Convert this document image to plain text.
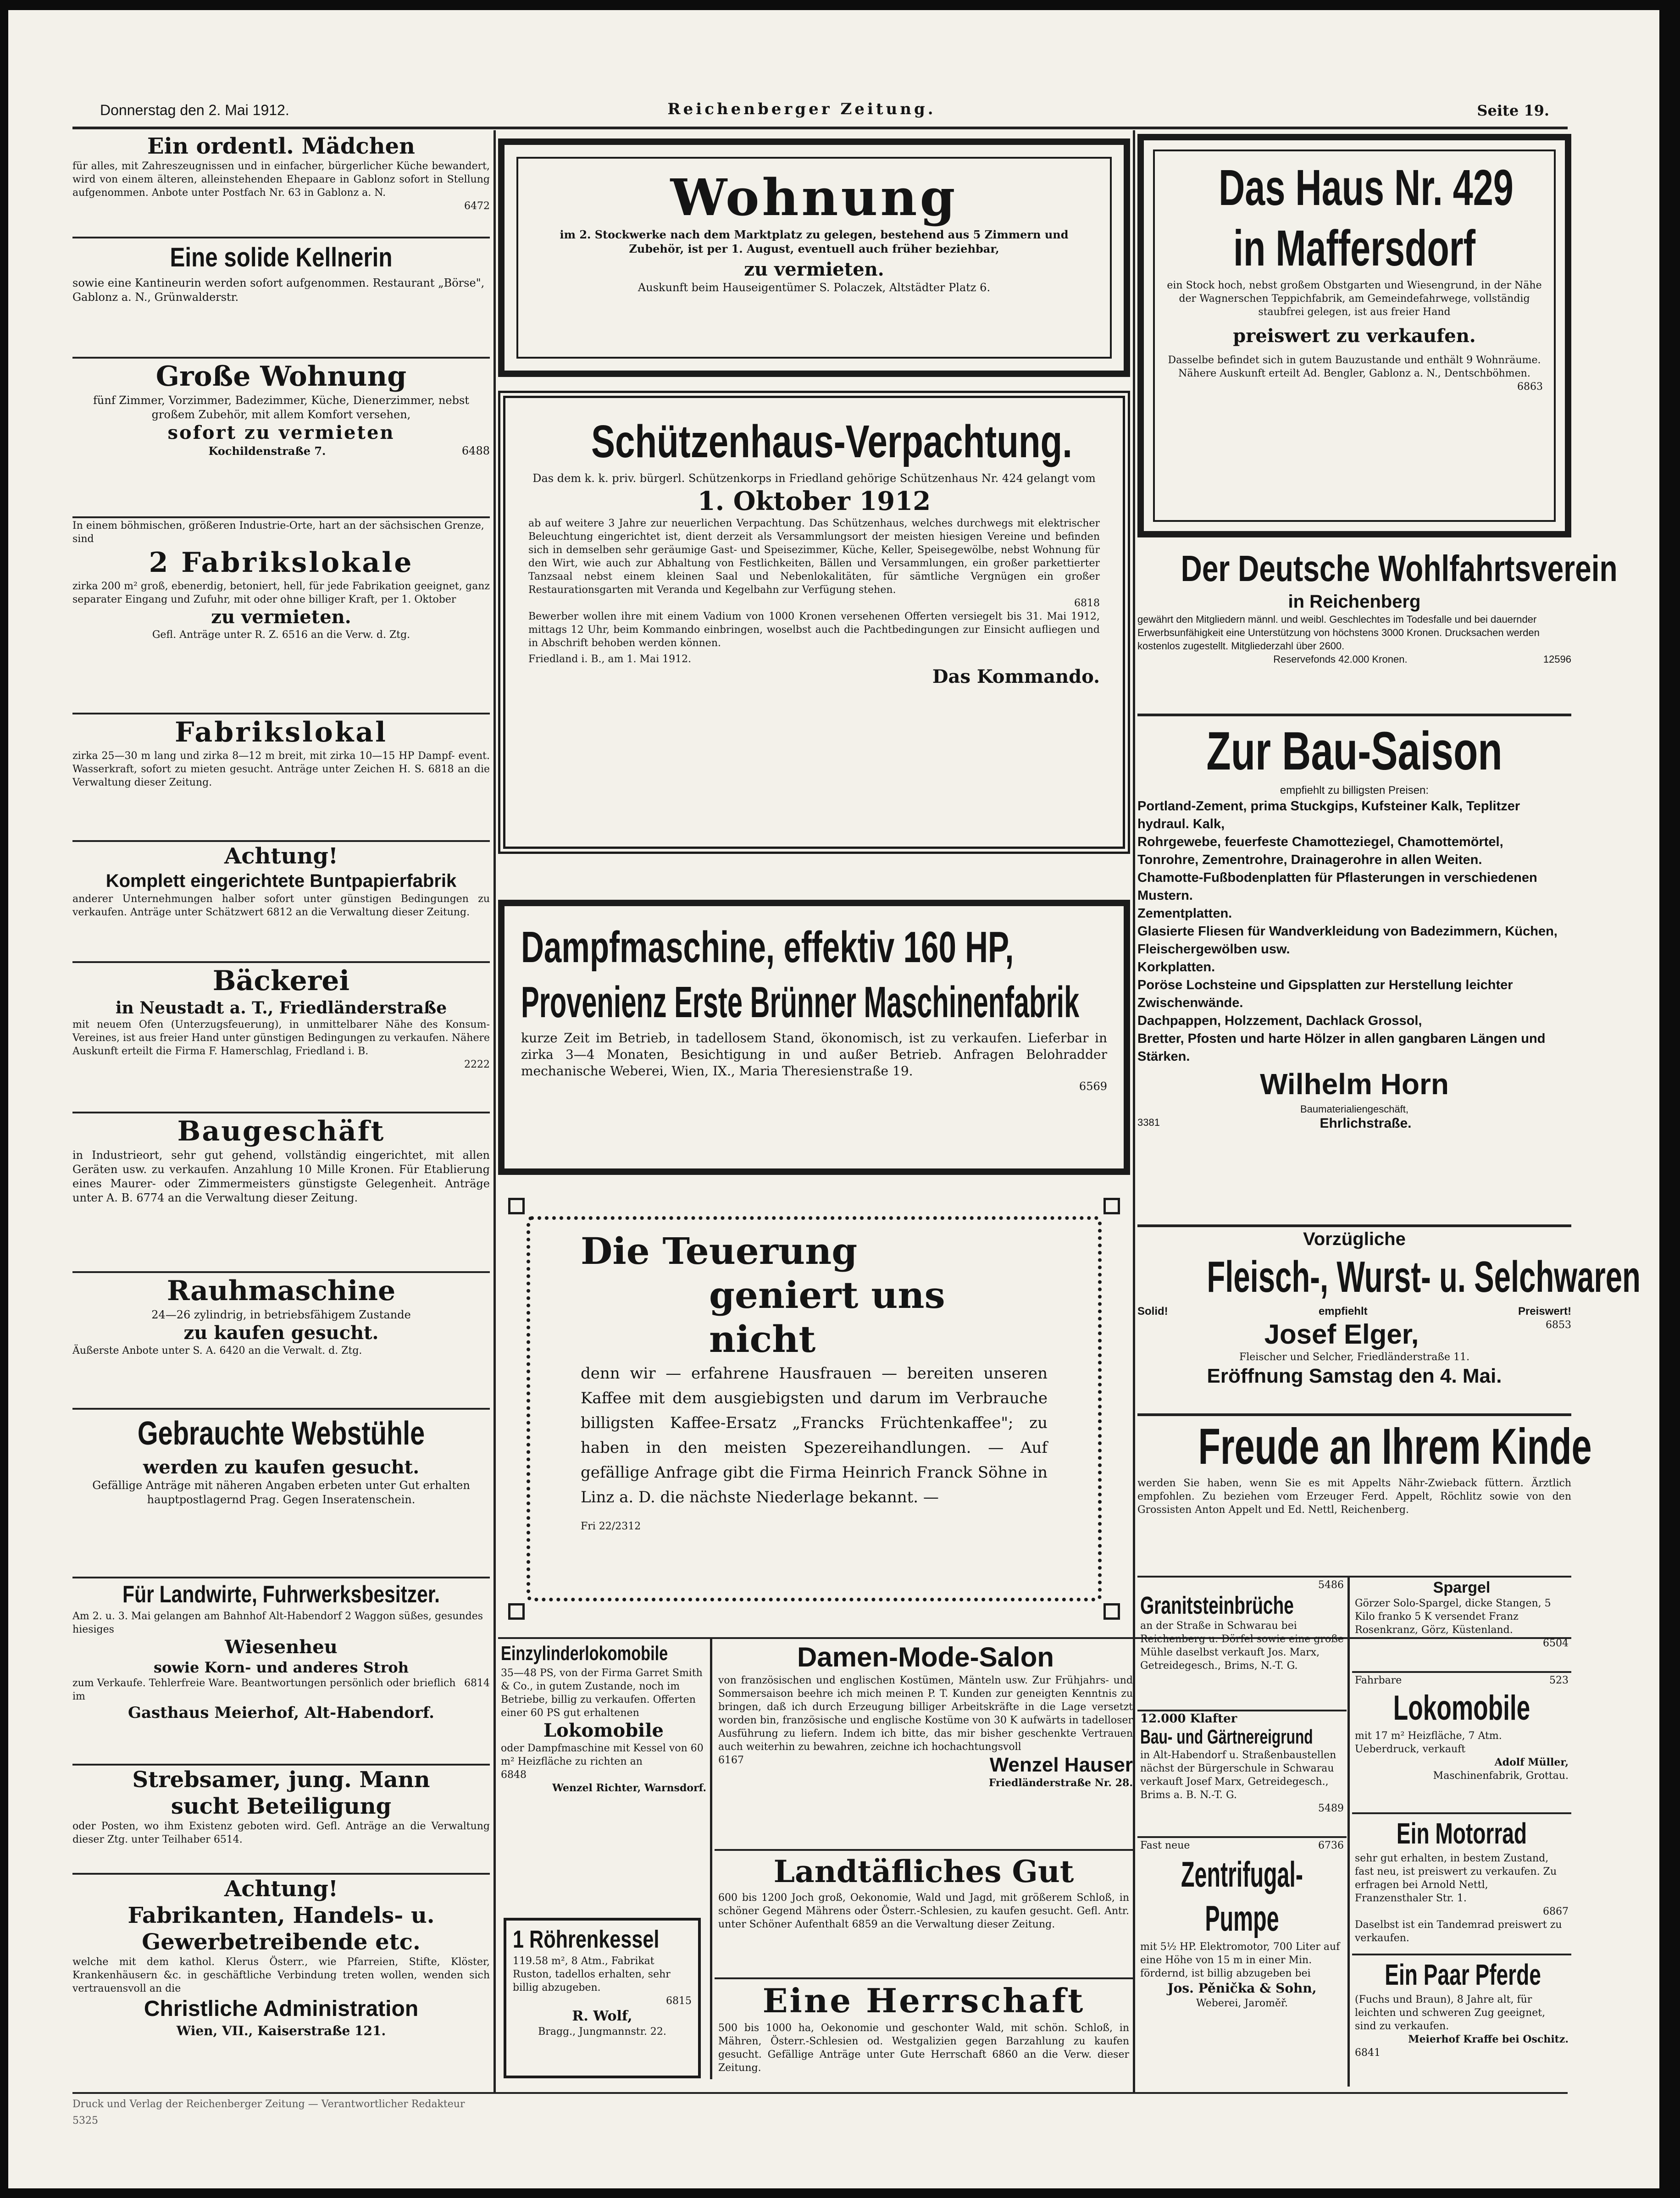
Donnerstag den 2. Mai 1912.	Reichenberger Zeitung.	Seite 19.
Ein ordentl. Mädchen
für alles, mit Zahreszeugnissen und in einfacher, bürgerlicher Küche bewandert, wird von einem älteren, alleinstehenden Ehepaare in Gablonz sofort in Stellung aufgenommen. Anbote unter Postfach Nr. 63 in Gablonz a. N.
6472
Eine solide Kellnerin
sowie eine Kantineurin werden sofort aufgenommen. Restaurant „Börse", Gablonz a. N., Grünwalderstr.
Große Wohnung
fünf Zimmer, Vorzimmer, Badezimmer, Küche, Dienerzimmer, nebst großem Zubehör, mit allem Komfort versehen,
sofort zu vermieten
Kochildenstraße 7.	6488
In einem böhmischen, größeren Industrie-Orte, hart an der sächsischen Grenze, sind
2 Fabrikslokale
zirka 200 m² groß, ebenerdig, betoniert, hell, für jede Fabrikation geeignet, ganz separater Eingang und Zufuhr, mit oder ohne billiger Kraft, per 1. Oktober
zu vermieten.
Gefl. Anträge unter R. Z. 6516 an die Verw. d. Ztg.
Fabrikslokal
zirka 25—30 m lang und zirka 8—12 m breit, mit zirka 10—15 HP Dampf- event. Wasserkraft, sofort zu mieten gesucht. Anträge unter Zeichen H. S. 6818 an die Verwaltung dieser Zeitung.
Achtung!
Komplett eingerichtete Buntpapierfabrik
anderer Unternehmungen halber sofort unter günstigen Bedingungen zu verkaufen. Anträge unter Schätzwert 6812 an die Verwaltung dieser Zeitung.
Bäckerei
in Neustadt a. T., Friedländerstraße
mit neuem Ofen (Unterzugsfeuerung), in unmittelbarer Nähe des Konsum-Vereines, ist aus freier Hand unter günstigen Bedingungen zu verkaufen. Nähere Auskunft erteilt die Firma F. Hamerschlag, Friedland i. B.
2222
Baugeschäft
in Industrieort, sehr gut gehend, vollständig eingerichtet, mit allen Geräten usw. zu verkaufen. Anzahlung 10 Mille Kronen. Für Etablierung eines Maurer- oder Zimmermeisters günstigste Gelegenheit. Anträge unter A. B. 6774 an die Verwaltung dieser Zeitung.
Rauhmaschine
24—26 zylindrig, in betriebsfähigem Zustande
zu kaufen gesucht.
Äußerste Anbote unter S. A. 6420 an die Verwalt. d. Ztg.
Gebrauchte Webstühle
werden zu kaufen gesucht.
Gefällige Anträge mit näheren Angaben erbeten unter Gut erhalten hauptpostlagernd Prag. Gegen Inseratenschein.
Für Landwirte, Fuhrwerksbesitzer.
Am 2. u. 3. Mai gelangen am Bahnhof Alt-Habendorf 2 Waggon süßes, gesundes hiesiges
Wiesenheu
sowie Korn- und anderes Stroh
zum Verkaufe. Tehlerfreie Ware. Beantwortungen persönlich oder brieflich im
6814
Gasthaus Meierhof, Alt-Habendorf.
Strebsamer, jung. Mann
sucht Beteiligung
oder Posten, wo ihm Existenz geboten wird. Gefl. Anträge an die Verwaltung dieser Ztg. unter Teilhaber 6514.
Achtung!
Fabrikanten, Handels- u. Gewerbetreibende etc.
welche mit dem kathol. Klerus Österr., wie Pfarreien, Stifte, Klöster, Krankenhäusern &c. in geschäftliche Verbindung treten wollen, wenden sich vertrauensvoll an die
Christliche Administration
Wien, VII., Kaiserstraße 121.
Wohnung
im 2. Stockwerke nach dem Marktplatz zu gelegen, bestehend aus 5 Zimmern und Zubehör, ist per 1. August, eventuell auch früher beziehbar,
zu vermieten.
Auskunft beim Hauseigentümer S. Polaczek, Altstädter Platz 6.
Schützenhaus-Verpachtung.
Das dem k. k. priv. bürgerl. Schützenkorps in Friedland gehörige Schützenhaus Nr. 424 gelangt vom
1. Oktober 1912
ab auf weitere 3 Jahre zur neuerlichen Verpachtung. Das Schützenhaus, welches durchwegs mit elektrischer Beleuchtung eingerichtet ist, dient derzeit als Versammlungsort der meisten hiesigen Vereine und befinden sich in demselben sehr geräumige Gast- und Speisezimmer, Küche, Keller, Speisegewölbe, nebst Wohnung für den Wirt, wie auch zur Abhaltung von Festlichkeiten, Bällen und Versammlungen, ein großer parkettierter Tanzsaal nebst einem kleinen Saal und Nebenlokalitäten, für sämtliche Vergnügen ein großer Restaurationsgarten mit Veranda und Kegelbahn zur Verfügung stehen.
6818
Bewerber wollen ihre mit einem Vadium von 1000 Kronen versehenen Offerten versiegelt bis 31. Mai 1912, mittags 12 Uhr, beim Kommando einbringen, woselbst auch die Pachtbedingungen zur Einsicht aufliegen und in Abschrift behoben werden können.
Friedland i. B., am 1. Mai 1912.
Das Kommando.
Dampfmaschine, effektiv 160 HP,
Provenienz Erste Brünner Maschinenfabrik
kurze Zeit im Betrieb, in tadellosem Stand, ökonomisch, ist zu verkaufen. Lieferbar in zirka 3—4 Monaten, Besichtigung in und außer Betrieb. Anfragen Belohradder mechanische Weberei, Wien, IX., Maria Theresienstraße 19.
6569
Die Teuerung
geniert uns nicht
denn wir — erfahrene Hausfrauen — bereiten unseren Kaffee mit dem ausgiebigsten und darum im Verbrauche billigsten Kaffee-Ersatz „Francks Früchtenkaffee"; zu haben in den meisten Spezereihandlungen. — Auf gefällige Anfrage gibt die Firma Heinrich Franck Söhne in Linz a. D. die nächste Niederlage bekannt. —
Fri 22/2312
Das Haus Nr. 429
in Maffersdorf
ein Stock hoch, nebst großem Obstgarten und Wiesengrund, in der Nähe der Wagnerschen Teppichfabrik, am Gemeindefahrwege, vollständig staubfrei gelegen, ist aus freier Hand
preiswert zu verkaufen.
Dasselbe befindet sich in gutem Bauzustande und enthält 9 Wohnräume.
Nähere Auskunft erteilt Ad. Bengler, Gablonz a. N., Dentschböhmen.
6863
Der Deutsche Wohlfahrtsverein
in Reichenberg
gewährt den Mitgliedern männl. und weibl. Geschlechtes im Todesfalle und bei dauernder Erwerbsunfähigkeit eine Unterstützung von höchstens 3000 Kronen. Drucksachen werden kostenlos zugestellt. Mitgliederzahl über 2600.
Reservefonds 42.000 Kronen.	12596
Zur Bau-Saison
empfiehlt zu billigsten Preisen:
Portland-Zement, prima Stuckgips, Kufsteiner Kalk, Teplitzer hydraul. Kalk,
Rohrgewebe, feuerfeste Chamotteziegel, Chamottemörtel,
Tonrohre, Zementrohre, Drainagerohre in allen Weiten.
Chamotte-Fußbodenplatten für Pflasterungen in verschiedenen Mustern.
Zementplatten.
Glasierte Fliesen für Wandverkleidung von Badezimmern, Küchen, Fleischergewölben usw.
Korkplatten.
Poröse Lochsteine und Gipsplatten zur Herstellung leichter Zwischenwände.
Dachpappen, Holzzement, Dachlack Grossol,
Bretter, Pfosten und harte Hölzer in allen gangbaren Längen und Stärken.
Wilhelm Horn
Baumaterialiengeschäft,
3381	Ehrlichstraße.
Vorzügliche
Fleisch-, Wurst- u. Selchwaren
Solid!	empfiehlt	Preiswert!
Josef Elger,	6853
Fleischer und Selcher, Friedländerstraße 11.
Eröffnung Samstag den 4. Mai.
Freude an Ihrem Kinde
werden Sie haben, wenn Sie es mit Appelts Nähr-Zwieback füttern. Ärztlich empfohlen. Zu beziehen vom Erzeuger Ferd. Appelt, Röchlitz sowie von den Grossisten Anton Appelt und Ed. Nettl, Reichenberg.
Einzylinderlokomobile
35—48 PS, von der Firma Garret Smith & Co., in gutem Zustande, noch im Betriebe, billig zu verkaufen. Offerten einer 60 PS gut erhaltenen
Lokomobile
oder Dampfmaschine mit Kessel von 60 m² Heizfläche zu richten an
6848
Wenzel Richter, Warnsdorf.
1 Röhrenkessel
119.58 m², 8 Atm., Fabrikat Ruston, tadellos erhalten, sehr billig abzugeben.
6815
R. Wolf,
Bragg., Jungmannstr. 22.
Damen-Mode-Salon
von französischen und englischen Kostümen, Mänteln usw. Zur Frühjahrs- und Sommersaison beehre ich mich meinen P. T. Kunden zur geneigten Kenntnis zu bringen, daß ich durch Erzeugung billiger Arbeitskräfte in die Lage versetzt worden bin, französische und englische Kostüme von 30 K aufwärts in tadelloser Ausführung zu liefern. Indem ich bitte, das mir bisher geschenkte Vertrauen auch weiterhin zu bewahren, zeichne ich hochachtungsvoll
6167	Wenzel Hauser
Friedländerstraße Nr. 28.
Landtäfliches Gut
600 bis 1200 Joch groß, Oekonomie, Wald und Jagd, mit größerem Schloß, in schöner Gegend Mährens oder Österr.-Schlesien, zu kaufen gesucht. Gefl. Antr. unter Schöner Aufenthalt 6859 an die Verwaltung dieser Zeitung.
Eine Herrschaft
500 bis 1000 ha, Oekonomie und geschonter Wald, mit schön. Schloß, in Mähren, Österr.-Schlesien od. Westgalizien gegen Barzahlung zu kaufen gesucht. Gefällige Anträge unter Gute Herrschaft 6860 an die Verw. dieser Zeitung.
5486
Granitsteinbrüche
an der Straße in Schwarau bei Reichenberg u. Dörfel sowie eine große Mühle daselbst verkauft Jos. Marx, Getreidegesch., Brims, N.-T. G.
12.000 Klafter
Bau- und Gärtnereigrund
in Alt-Habendorf u. Straßenbaustellen nächst der Bürgerschule in Schwarau verkauft Josef Marx, Getreidegesch., Brims a. B. N.-T. G.
5489
Fast neue	6736
Zentrifugal-Pumpe
mit 5½ HP. Elektromotor, 700 Liter auf eine Höhe von 15 m in einer Min. fördernd, ist billig abzugeben bei
Jos. Pěnička & Sohn,
Weberei, Jaroměř.
Spargel
Görzer Solo-Spargel, dicke Stangen, 5 Kilo franko 5 K versendet Franz Rosenkranz, Görz, Küstenland.
6504
Fahrbare	523
Lokomobile
mit 17 m² Heizfläche, 7 Atm. Ueberdruck, verkauft
Adolf Müller,
Maschinenfabrik, Grottau.
Ein Motorrad
sehr gut erhalten, in bestem Zustand, fast neu, ist preiswert zu verkaufen. Zu erfragen bei Arnold Nettl, Franzensthaler Str. 1.
6867
Daselbst ist ein Tandemrad preiswert zu verkaufen.
Ein Paar Pferde
(Fuchs und Braun), 8 Jahre alt, für leichten und schweren Zug geeignet, sind zu verkaufen.
Meierhof Kraffe bei Oschitz.
6841
Druck und Verlag der Reichenberger Zeitung — Verantwortlicher Redakteur
5325
